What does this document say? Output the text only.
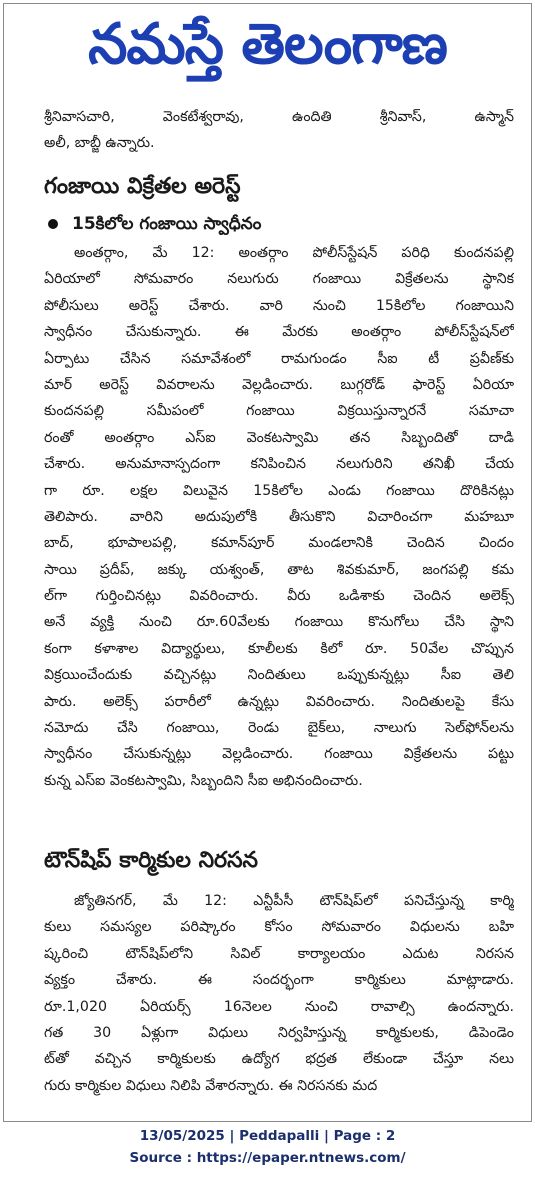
నమస్తే తెలంగాణ
శ్రీనివాసచారి, వెంకటేశ్వరావు, ఉందితి శ్రీనివాస్, ఉస్మాన్
అలీ, బాబ్జీ ఉన్నారు.
గంజాయి విక్రేతల అరెస్ట్
15కిలోల గంజాయి స్వాధీనం
అంతర్గాం, మే 12: అంతర్గాం పోలీస్‌స్టేషన్ పరిధి కుందనపల్లి
ఏరియాలో సోమవారం నలుగురు గంజాయి విక్రేతలను స్థానిక
పోలీసులు అరెస్ట్ చేశారు. వారి నుంచి 15కిలోల గంజాయిని
స్వాధీనం చేసుకున్నారు. ఈ మేరకు అంతర్గాం పోలీస్‌స్టేషన్‌లో
ఏర్పాటు చేసిన సమావేశంలో రామగుండం సీఐ టీ ప్రవీణ్‌కు
మార్ అరెస్ట్ వివరాలను వెల్లడించారు. బుగ్గరోడ్ ఫారెస్ట్ ఏరియా
కుందనపల్లి సమీపంలో గంజాయి విక్రయిస్తున్నారనే సమాచా
రంతో అంతర్గాం ఎస్ఐ వెంకటస్వామి తన సిబ్బందితో దాడి
చేశారు. అనుమానాస్పదంగా కనిపించిన నలుగురిని తనిఖీ చేయ
గా రూ. లక్షల విలువైన 15కిలోల ఎండు గంజాయి దొరికినట్లు
తెలిపారు. వారిని అదుపులోకి తీసుకొని విచారించగా మహబూ
బాద్, భూపాలపల్లి, కమాన్‌పూర్ మండలానికి చెందిన చిందం
సాయి ప్రదీప్, జక్కు యశ్వంత్, తాట శివకుమార్, జంగపల్లి కమ
ల్‌గా గుర్తించినట్లు వివరించారు. వీరు ఒడిశాకు చెందిన అలెక్స్
అనే వ్యక్తి నుంచి రూ.60వేలకు గంజాయి కొనుగోలు చేసి స్థాని
కంగా కళాశాల విద్యార్థులు, కూలీలకు కిలో రూ. 50వేల చొప్పున
విక్రయించేందుకు వచ్చినట్లు నిందితులు ఒప్పుకున్నట్లు సీఐ తెలి
పారు. అలెక్స్ పరారీలో ఉన్నట్లు వివరించారు. నిందితులపై కేసు
నమోదు చేసి గంజాయి, రెండు బైక్‌లు, నాలుగు సెల్‌ఫోన్‌లను
స్వాధీనం చేసుకున్నట్లు వెల్లడించారు. గంజాయి విక్రేతలను పట్టు
కున్న ఎస్ఐ వెంకటస్వామి, సిబ్బందిని సీఐ అభినందించారు.
టౌన్‌షిప్ కార్మికుల నిరసన
జ్యోతినగర్, మే 12: ఎన్టీపీసీ టౌన్‌షిప్‌లో పనిచేస్తున్న కార్మి
కులు సమస్యల పరిష్కారం కోసం సోమవారం విధులను బహి
ష్కరించి టౌన్‌షిప్‌లోని సివిల్ కార్యాలయం ఎదుట నిరసన
వ్యక్తం చేశారు. ఈ సందర్భంగా కార్మికులు మాట్లాడారు.
రూ.1,020 ఏరియర్స్ 16నెలల నుంచి రావాల్సి ఉందన్నారు.
గత 30 ఏళ్లుగా విధులు నిర్వహిస్తున్న కార్మికులకు, డిపెండెం
ట్‌తో వచ్చిన కార్మికులకు ఉద్యోగ భద్రత లేకుండా చేస్తూ నలు
గురు కార్మికుల విధులు నిలిపి వేశారన్నారు. ఈ నిరసనకు మద
13/05/2025 | Peddapalli | Page : 2
Source : https://epaper.ntnews.com/
